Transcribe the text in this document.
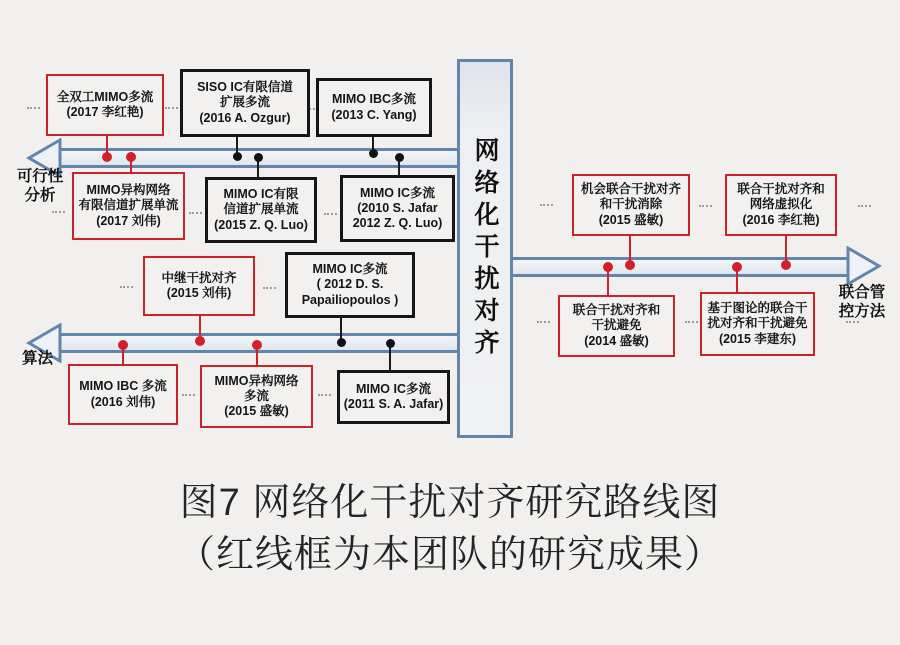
网络化干扰对齐
可行性
分析
算法
联合管
控方法
全双工MIMO多流
(2017 李红艳)
SISO IC有限信道
扩展多流
(2016 A. Ozgur)
MIMO IBC多流
(2013 C. Yang)
MIMO异构网络
有限信道扩展单流
(2017 刘伟)
MIMO IC有限
信道扩展单流
(2015 Z. Q. Luo)
MIMO IC多流
(2010 S. Jafar
2012 Z. Q. Luo)
中继干扰对齐
(2015 刘伟)
MIMO IC多流
( 2012 D. S.
Papailiopoulos )
MIMO IBC 多流
(2016 刘伟)
MIMO异构网络
多流
(2015 盛敏)
MIMO IC多流
(2011 S. A. Jafar)
机会联合干扰对齐
和干扰消除
(2015 盛敏)
联合干扰对齐和
网络虚拟化
(2016 李红艳)
联合干扰对齐和
干扰避免
(2014 盛敏)
基于图论的联合干
扰对齐和干扰避免
(2015 李建东)
图7 网络化干扰对齐研究路线图
（红线框为本团队的研究成果）
